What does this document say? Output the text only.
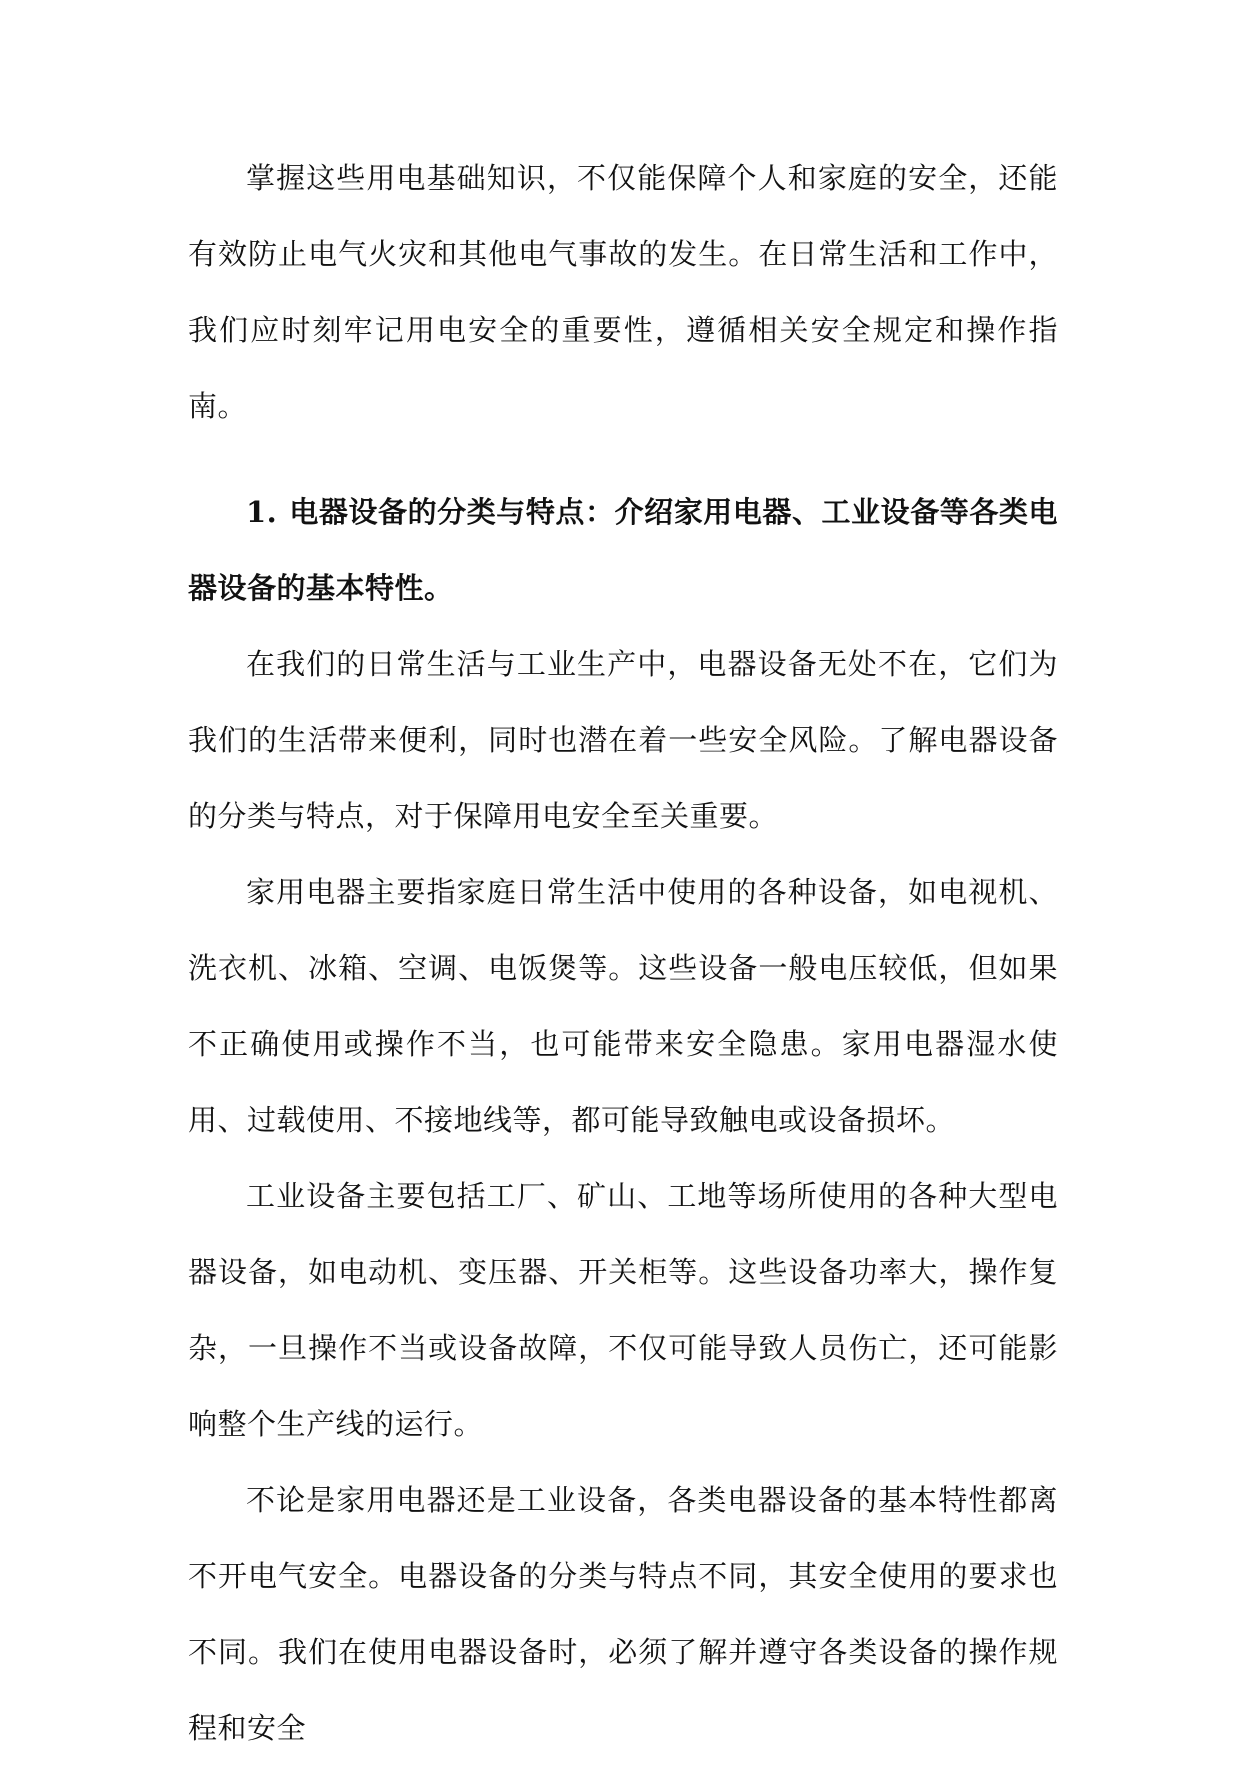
掌握这些用电基础知识，不仅能保障个人和家庭的安全，还能有效防止电气火灾和其他电气事故的发生。在日常生活和工作中，我们应时刻牢记用电安全的重要性，遵循相关安全规定和操作指南。

1. 电器设备的分类与特点：介绍家用电器、工业设备等各类电器设备的基本特性。

在我们的日常生活与工业生产中，电器设备无处不在，它们为我们的生活带来便利，同时也潜在着一些安全风险。了解电器设备的分类与特点，对于保障用电安全至关重要。

家用电器主要指家庭日常生活中使用的各种设备，如电视机、洗衣机、冰箱、空调、电饭煲等。这些设备一般电压较低，但如果不正确使用或操作不当，也可能带来安全隐患。家用电器湿水使用、过载使用、不接地线等，都可能导致触电或设备损坏。

工业设备主要包括工厂、矿山、工地等场所使用的各种大型电器设备，如电动机、变压器、开关柜等。这些设备功率大，操作复杂，一旦操作不当或设备故障，不仅可能导致人员伤亡，还可能影响整个生产线的运行。

不论是家用电器还是工业设备，各类电器设备的基本特性都离不开电气安全。电器设备的分类与特点不同，其安全使用的要求也不同。我们在使用电器设备时，必须了解并遵守各类设备的操作规程和安全
